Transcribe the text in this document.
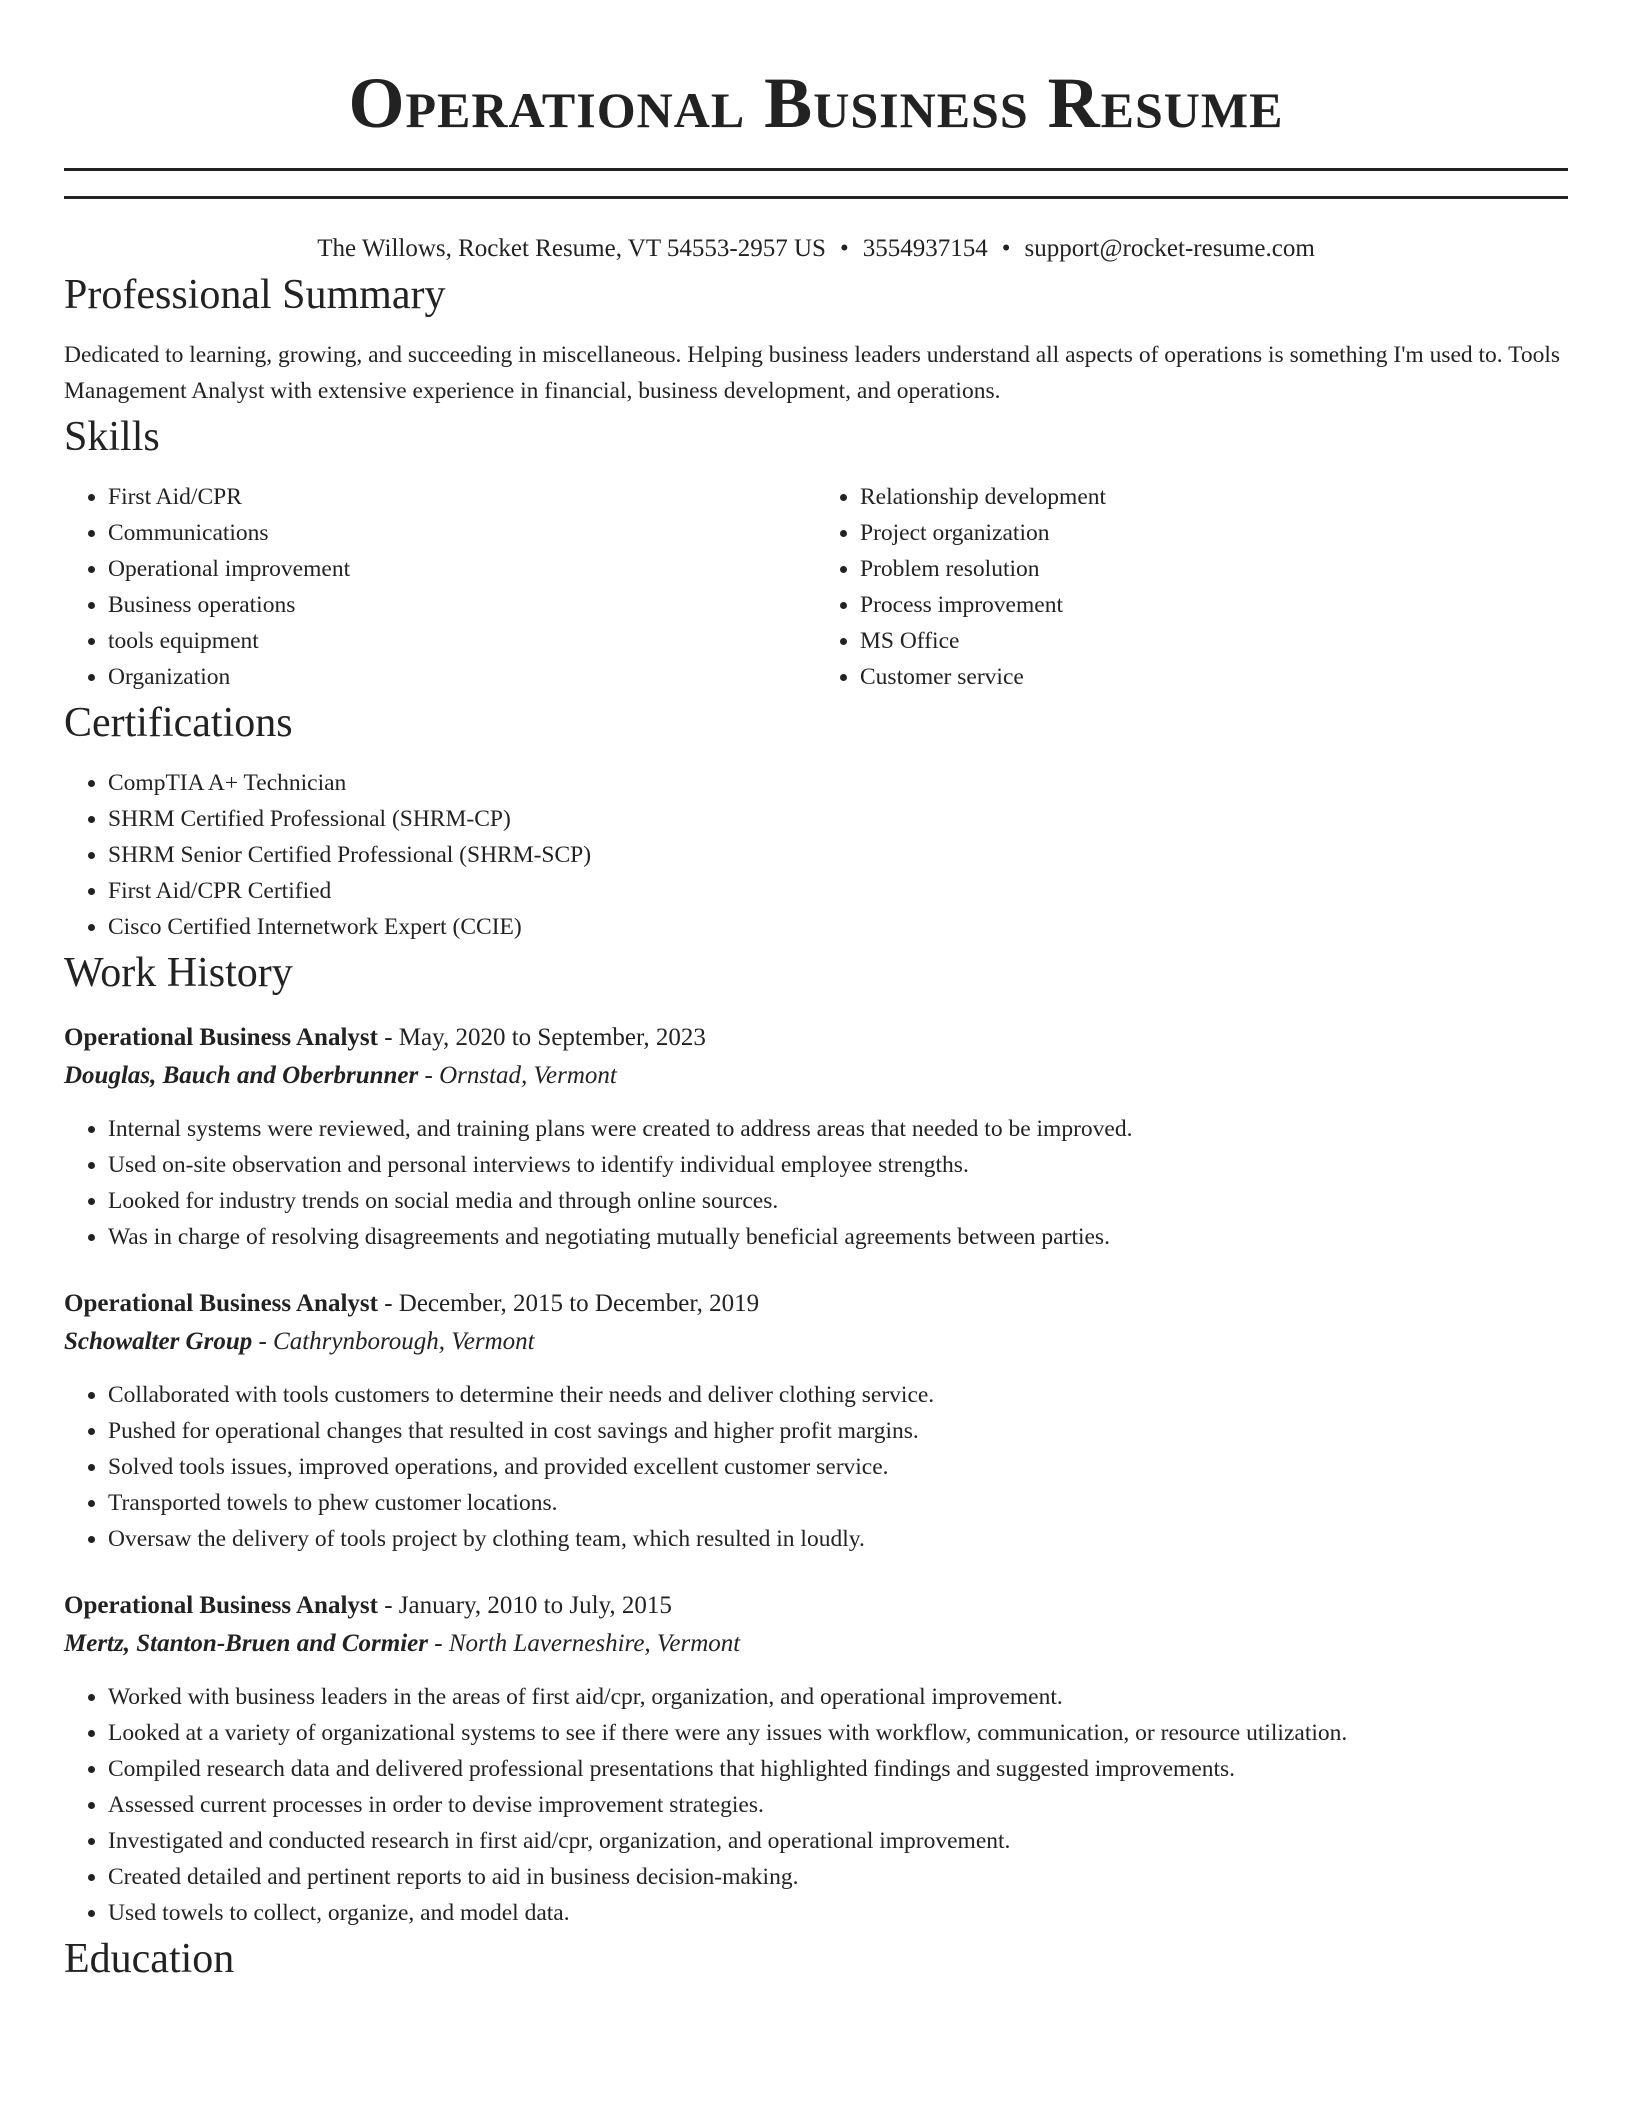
Operational Business Resume
The Willows, Rocket Resume, VT 54553-2957 US • 3554937154 • support@rocket-resume.com
Professional Summary

Dedicated to learning, growing, and succeeding in miscellaneous. Helping business leaders understand all aspects of operations is something I'm used to. Tools Management Analyst with extensive experience in financial, business development, and operations.

Skills
• First Aid/CPR
• Communications
• Operational improvement
• Business operations
• tools equipment
• Organization
• Relationship development
• Project organization
• Problem resolution
• Process improvement
• MS Office
• Customer service
Certifications
• CompTIA A+ Technician
• SHRM Certified Professional (SHRM-CP)
• SHRM Senior Certified Professional (SHRM-SCP)
• First Aid/CPR Certified
• Cisco Certified Internetwork Expert (CCIE)
Work History
Operational Business Analyst - May, 2020 to September, 2023
Douglas, Bauch and Oberbrunner - Ornstad, Vermont
• Internal systems were reviewed, and training plans were created to address areas that needed to be improved.
• Used on-site observation and personal interviews to identify individual employee strengths.
• Looked for industry trends on social media and through online sources.
• Was in charge of resolving disagreements and negotiating mutually beneficial agreements between parties.
Operational Business Analyst - December, 2015 to December, 2019
Schowalter Group - Cathrynborough, Vermont
• Collaborated with tools customers to determine their needs and deliver clothing service.
• Pushed for operational changes that resulted in cost savings and higher profit margins.
• Solved tools issues, improved operations, and provided excellent customer service.
• Transported towels to phew customer locations.
• Oversaw the delivery of tools project by clothing team, which resulted in loudly.
Operational Business Analyst - January, 2010 to July, 2015
Mertz, Stanton-Bruen and Cormier - North Laverneshire, Vermont
• Worked with business leaders in the areas of first aid/cpr, organization, and operational improvement.
• Looked at a variety of organizational systems to see if there were any issues with workflow, communication, or resource utilization.
• Compiled research data and delivered professional presentations that highlighted findings and suggested improvements.
• Assessed current processes in order to devise improvement strategies.
• Investigated and conducted research in first aid/cpr, organization, and operational improvement.
• Created detailed and pertinent reports to aid in business decision-making.
• Used towels to collect, organize, and model data.
Education
